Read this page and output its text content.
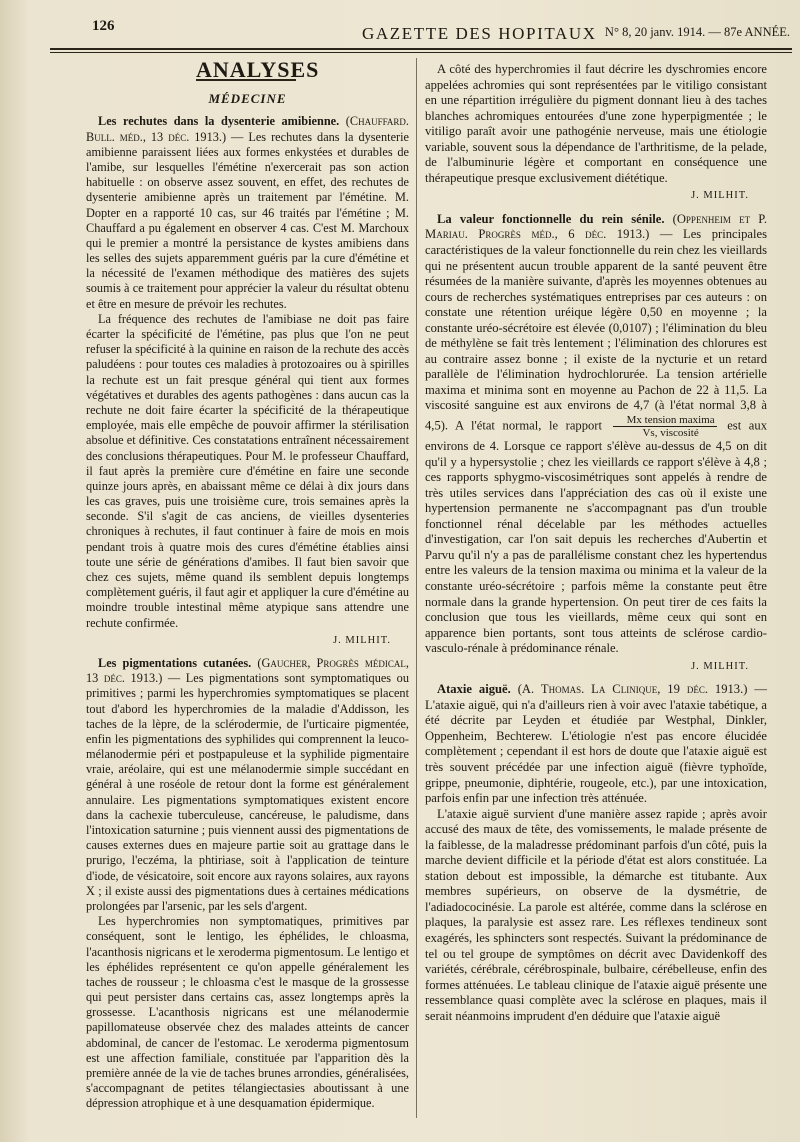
126	GAZETTE DES HOPITAUX N° 8, 20 janv. 1914. — 87e ANNÉE.
ANALYSES
MÉDECINE

Les rechutes dans la dysenterie amibienne. (Chauffard. Bull. méd., 13 déc. 1913.) — Les rechutes dans la dysenterie amibienne paraissent liées aux formes enkystées et durables de l'amibe, sur lesquelles l'émétine n'exercerait pas son action habituelle : on observe assez souvent, en effet, des rechutes de dysenterie amibienne après un traitement par l'émétine. M. Dopter en a rapporté 10 cas, sur 46 traités par l'émétine ; M. Chauffard a pu également en observer 4 cas. C'est M. Marchoux qui le premier a montré la persistance de kystes amibiens dans les selles des sujets apparemment guéris par la cure d'émétine et la nécessité de l'examen méthodique des matières des sujets soumis à ce traitement pour apprécier la valeur du résultat obtenu et être en mesure de prévoir les rechutes.

La fréquence des rechutes de l'amibiase ne doit pas faire écarter la spécificité de l'émétine, pas plus que l'on ne peut refuser la spécificité à la quinine en raison de la rechute des accès paludéens : pour toutes ces maladies à protozoaires ou à spirilles la rechute est un fait presque général qui tient aux formes végétatives et durables des agents pathogènes : dans aucun cas la rechute ne doit faire écarter la spécificité de la thérapeutique employée, mais elle empêche de pouvoir affirmer la stérilisation absolue et définitive. Ces constatations entraînent nécessairement des conclusions thérapeutiques. Pour M. le professeur Chauffard, il faut après la première cure d'émétine en faire une seconde quinze jours après, en abaissant même ce délai à dix jours dans les cas graves, puis une troisième cure, trois semaines après la seconde. S'il s'agit de cas anciens, de vieilles dysenteries chroniques à rechutes, il faut continuer à faire de mois en mois pendant trois à quatre mois des cures d'émétine établies ainsi toute une série de générations d'amibes. Il faut bien savoir que chez ces sujets, même quand ils semblent depuis longtemps complètement guéris, il faut agir et appliquer la cure d'émétine au moindre trouble intestinal même atypique sans attendre une rechute confirmée.

J. MILHIT.

Les pigmentations cutanées. (Gaucher, Progrès médical, 13 déc. 1913.) — Les pigmentations sont symptomatiques ou primitives ; parmi les hyperchromies symptomatiques se placent tout d'abord les hyperchromies de la maladie d'Addisson, les taches de la lèpre, de la sclérodermie, de l'urticaire pigmentée, enfin les pigmentations des syphilides qui comprennent la leuco-mélanodermie péri et postpapuleuse et la syphilide pigmentaire vraie, aréolaire, qui est une mélanodermie simple succédant en général à une roséole de retour dont la forme est généralement annulaire. Les pigmentations symptomatiques existent encore dans la cachexie tuberculeuse, cancéreuse, le paludisme, dans l'intoxication saturnine ; puis viennent aussi des pigmentations de causes externes dues en majeure partie soit au grattage dans le prurigo, l'eczéma, la phtiriase, soit à l'application de teinture d'iode, de vésicatoire, soit encore aux rayons solaires, aux rayons X ; il existe aussi des pigmentations dues à certaines médications prolongées par l'arsenic, par les sels d'argent.

Les hyperchromies non symptomatiques, primitives par conséquent, sont le lentigo, les éphélides, le chloasma, l'acanthosis nigricans et le xeroderma pigmentosum. Le lentigo et les éphélides représentent ce qu'on appelle généralement les taches de rousseur ; le chloasma c'est le masque de la grossesse qui peut persister dans certains cas, assez longtemps après la grossesse. L'acanthosis nigricans est une mélanodermie papillomateuse observée chez des malades atteints de cancer abdominal, de cancer de l'estomac. Le xeroderma pigmentosum est une affection familiale, constituée par l'apparition dès la première année de la vie de taches brunes arrondies, généralisées, s'accompagnant de petites télangiectasies aboutissant à une dépression atrophique et à une desquamation épidermique.

A côté des hyperchromies il faut décrire les dyschromies encore appelées achromies qui sont représentées par le vitiligo consistant en une répartition irrégulière du pigment donnant lieu à des taches blanches achromiques entourées d'une zone hyperpigmentée ; le vitiligo paraît avoir une pathogénie nerveuse, mais une étiologie variable, souvent sous la dépendance de l'arthritisme, de la pelade, de l'albuminurie légère et comportant en conséquence une thérapeutique presque exclusivement diététique.

J. MILHIT.

La valeur fonctionnelle du rein sénile. (Oppenheim et P. Mariau. Progrès méd., 6 déc. 1913.) — Les principales caractéristiques de la valeur fonctionnelle du rein chez les vieillards qui ne présentent aucun trouble apparent de la santé peuvent être résumées de la manière suivante, d'après les moyennes obtenues au cours de recherches systématiques entreprises par ces auteurs : on constate une rétention uréique légère 0,50 en moyenne ; la constante uréo-sécrétoire est élevée (0,0107) ; l'élimination du bleu de méthylène se fait très lentement ; l'élimination des chlorures est au contraire assez bonne ; il existe de la nycturie et un retard parallèle de l'élimination hydrochlorurée. La tension artérielle maxima et minima sont en moyenne au Pachon de 22 à 11,5. La viscosité sanguine est aux environs de 4,7 (à l'état normal 3,8 à 4,5). A l'état normal, le rapport $\frac{\text{Mx tension maxima}}{\text{Vs, viscosité}}$ est aux environs de 4. Lorsque ce rapport s'élève au-dessus de 4,5 on dit qu'il y a hypersystolie ; chez les vieillards ce rapport s'élève à 4,8 ; ces rapports sphygmo-viscosimétriques sont appelés à rendre de très utiles services dans l'appréciation des cas où il existe une hypertension permanente ne s'accompagnant pas d'un trouble fonctionnel rénal décelable par les méthodes actuelles d'investigation, car l'on sait depuis les recherches d'Aubertin et Parvu qu'il n'y a pas de parallélisme constant chez les hypertendus entre les valeurs de la tension maxima ou minima et la valeur de la constante uréo-sécrétoire ; parfois même la constante peut être normale dans la grande hypertension. On peut tirer de ces faits la conclusion que tous les vieillards, même ceux qui sont en apparence bien portants, sont tous atteints de sclérose cardio-vasculo-rénale à prédominance rénale.

J. MILHIT.

Ataxie aiguë. (A. Thomas. La Clinique, 19 déc. 1913.) — L'ataxie aiguë, qui n'a d'ailleurs rien à voir avec l'ataxie tabétique, a été décrite par Leyden et étudiée par Westphal, Dinkler, Oppenheim, Bechterew. L'étiologie n'est pas encore élucidée complètement ; cependant il est hors de doute que l'ataxie aiguë est très souvent précédée par une infection aiguë (fièvre typhoïde, grippe, pneumonie, diphtérie, rougeole, etc.), par une intoxication, parfois enfin par une infection très atténuée.

L'ataxie aiguë survient d'une manière assez rapide ; après avoir accusé des maux de tête, des vomissements, le malade présente de la faiblesse, de la maladresse prédominant parfois d'un côté, puis la marche devient difficile et la période d'état est alors constituée. La station debout est impossible, la démarche est titubante. Aux membres supérieurs, on observe de la dysmétrie, de l'adiadococinésie. La parole est altérée, comme dans la sclérose en plaques, la paralysie est assez rare. Les réflexes tendineux sont exagérés, les sphincters sont respectés. Suivant la prédominance de tel ou tel groupe de symptômes on décrit avec Davidenkoff des variétés, cérébrale, cérébrospinale, bulbaire, cérébelleuse, enfin des formes atténuées. Le tableau clinique de l'ataxie aiguë présente une ressemblance quasi complète avec la sclérose en plaques, mais il serait néanmoins imprudent d'en déduire que l'ataxie aiguë
